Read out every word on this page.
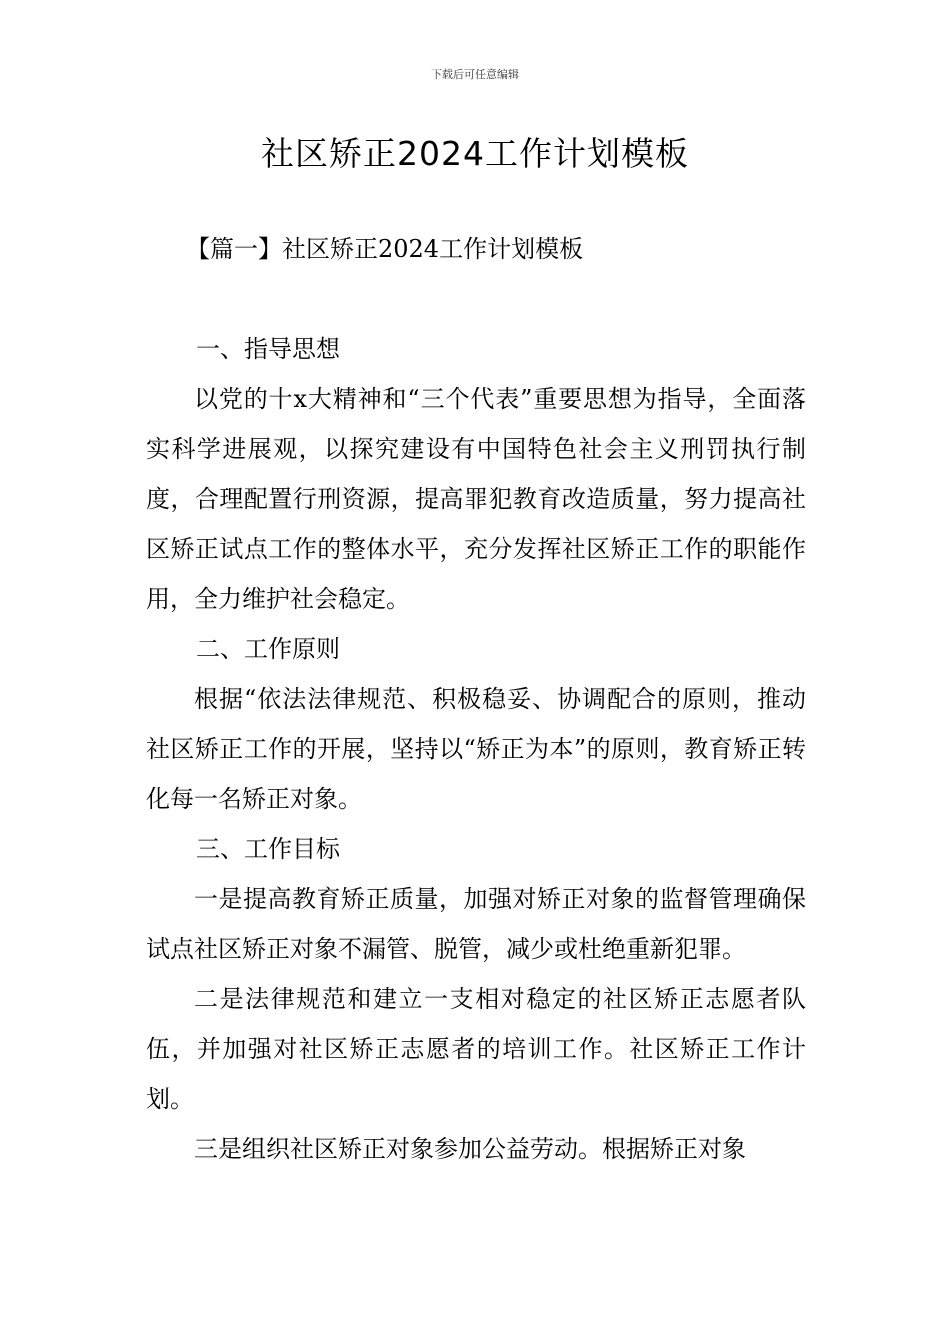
下载后可任意编辑
社区矫正2024工作计划模板
【篇一】社区矫正2024工作计划模板
一、指导思想

以党的十x大精神和“三个代表”重要思想为指导，全面落实科学进展观，以探究建设有中国特色社会主义刑罚执行制度，合理配置行刑资源，提高罪犯教育改造质量，努力提高社区矫正试点工作的整体水平，充分发挥社区矫正工作的职能作用，全力维护社会稳定。

二、工作原则

根据“依法法律规范、积极稳妥、协调配合的原则，推动社区矫正工作的开展，坚持以“矫正为本”的原则，教育矫正转化每一名矫正对象。

三、工作目标

一是提高教育矫正质量，加强对矫正对象的监督管理确保试点社区矫正对象不漏管、脱管，减少或杜绝重新犯罪。

二是法律规范和建立一支相对稳定的社区矫正志愿者队伍，并加强对社区矫正志愿者的培训工作。社区矫正工作计划。

三是组织社区矫正对象参加公益劳动。根据矫正对象
